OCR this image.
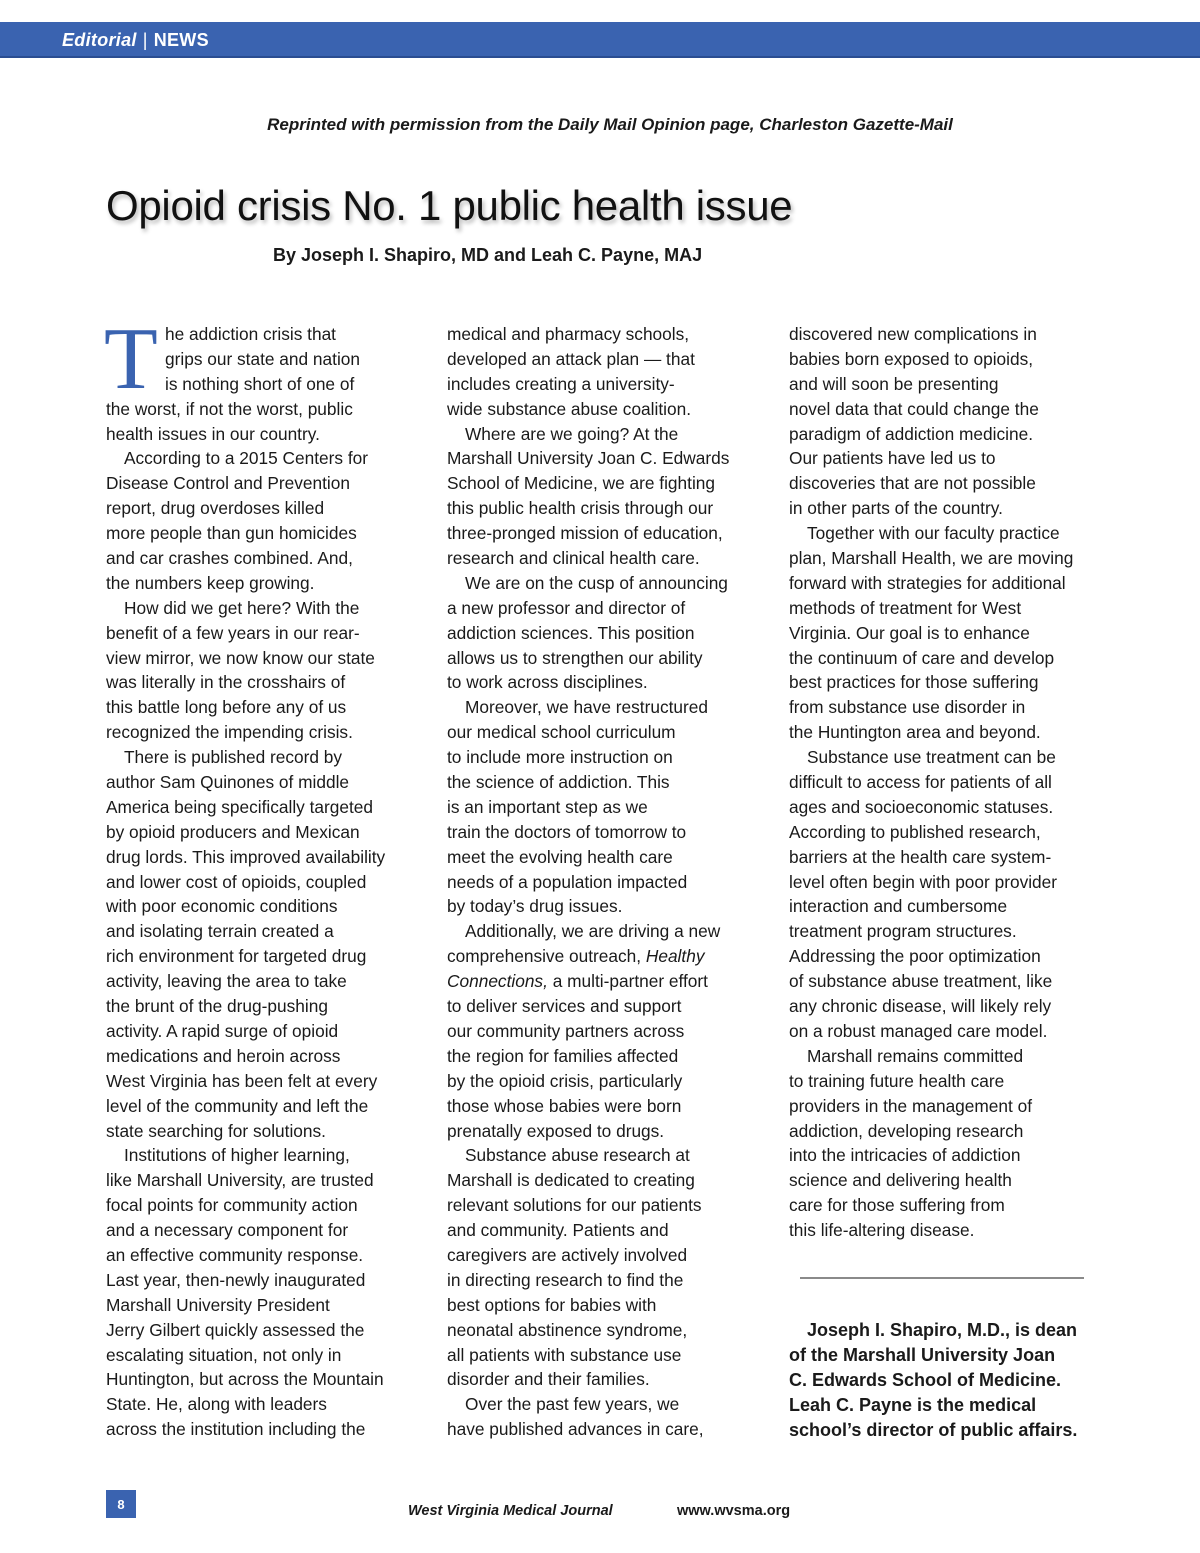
Editorial | NEWS
Reprinted with permission from the Daily Mail Opinion page, Charleston Gazette-Mail
Opioid crisis No. 1 public health issue
By Joseph I. Shapiro, MD and Leah C. Payne, MAJ
T he addiction crisis that
grips our state and nation
is nothing short of one of
the worst, if not the worst, public
health issues in our country.
According to a 2015 Centers for
Disease Control and Prevention
report, drug overdoses killed
more people than gun homicides
and car crashes combined. And,
the numbers keep growing.
How did we get here? With the
benefit of a few years in our rear-
view mirror, we now know our state
was literally in the crosshairs of
this battle long before any of us
recognized the impending crisis.
There is published record by
author Sam Quinones of middle
America being specifically targeted
by opioid producers and Mexican
drug lords. This improved availability
and lower cost of opioids, coupled
with poor economic conditions
and isolating terrain created a
rich environment for targeted drug
activity, leaving the area to take
the brunt of the drug-pushing
activity. A rapid surge of opioid
medications and heroin across
West Virginia has been felt at every
level of the community and left the
state searching for solutions.
Institutions of higher learning,
like Marshall University, are trusted
focal points for community action
and a necessary component for
an effective community response.
Last year, then-newly inaugurated
Marshall University President
Jerry Gilbert quickly assessed the
escalating situation, not only in
Huntington, but across the Mountain
State. He, along with leaders
across the institution including the
medical and pharmacy schools,
developed an attack plan — that
includes creating a university-
wide substance abuse coalition.
Where are we going? At the
Marshall University Joan C. Edwards
School of Medicine, we are fighting
this public health crisis through our
three-pronged mission of education,
research and clinical health care.
We are on the cusp of announcing
a new professor and director of
addiction sciences. This position
allows us to strengthen our ability
to work across disciplines.
Moreover, we have restructured
our medical school curriculum
to include more instruction on
the science of addiction. This
is an important step as we
train the doctors of tomorrow to
meet the evolving health care
needs of a population impacted
by today’s drug issues.
Additionally, we are driving a new
comprehensive outreach, Healthy
Connections, a multi-partner effort
to deliver services and support
our community partners across
the region for families affected
by the opioid crisis, particularly
those whose babies were born
prenatally exposed to drugs.
Substance abuse research at
Marshall is dedicated to creating
relevant solutions for our patients
and community. Patients and
caregivers are actively involved
in directing research to find the
best options for babies with
neonatal abstinence syndrome,
all patients with substance use
disorder and their families.
Over the past few years, we
have published advances in care,
discovered new complications in
babies born exposed to opioids,
and will soon be presenting
novel data that could change the
paradigm of addiction medicine.
Our patients have led us to
discoveries that are not possible
in other parts of the country.
Together with our faculty practice
plan, Marshall Health, we are moving
forward with strategies for additional
methods of treatment for West
Virginia. Our goal is to enhance
the continuum of care and develop
best practices for those suffering
from substance use disorder in
the Huntington area and beyond.
Substance use treatment can be
difficult to access for patients of all
ages and socioeconomic statuses.
According to published research,
barriers at the health care system-
level often begin with poor provider
interaction and cumbersome
treatment program structures.
Addressing the poor optimization
of substance abuse treatment, like
any chronic disease, will likely rely
on a robust managed care model.
Marshall remains committed
to training future health care
providers in the management of
addiction, developing research
into the intricacies of addiction
science and delivering health
care for those suffering from
this life-altering disease.
Joseph I. Shapiro, M.D., is dean
of the Marshall University Joan
C. Edwards School of Medicine.
Leah C. Payne is the medical
school’s director of public affairs.
8	West Virginia Medical Journal	www.wvsma.org
